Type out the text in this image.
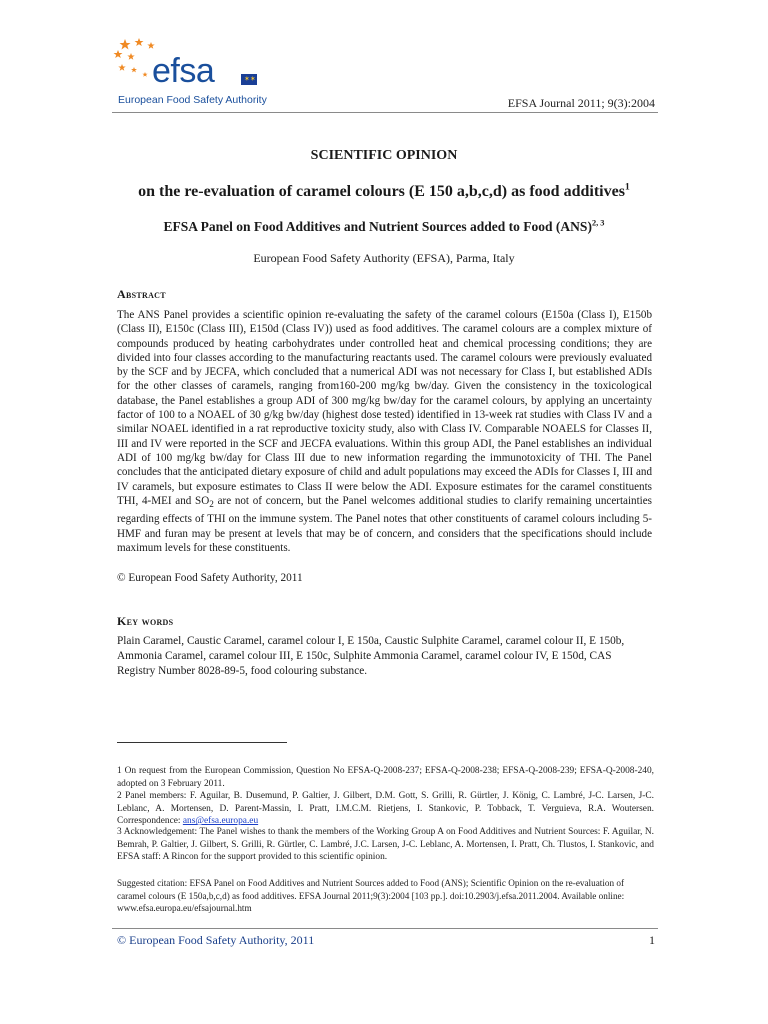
efsa	✶✶
European Food Safety Authority	EFSA Journal 2011; 9(3):2004
SCIENTIFIC OPINION
on the re-evaluation of caramel colours (E 150 a,b,c,d) as food additives$^1$
EFSA Panel on Food Additives and Nutrient Sources added to Food (ANS)$^{2, 3}$
European Food Safety Authority (EFSA), Parma, Italy
Abstract

The ANS Panel provides a scientific opinion re-evaluating the safety of the caramel colours (E150a (Class I), E150b (Class II), E150c (Class III), E150d (Class IV)) used as food additives. The caramel colours are a complex mixture of compounds produced by heating carbohydrates under controlled heat and chemical processing conditions; they are divided into four classes according to the manufacturing reactants used. The caramel colours were previously evaluated by the SCF and by JECFA, which concluded that a numerical ADI was not necessary for Class I, but established ADIs for the other classes of caramels, ranging from160-200 mg/kg bw/day. Given the consistency in the toxicological database, the Panel establishes a group ADI of 300 mg/kg bw/day for the caramel colours, by applying an uncertainty factor of 100 to a NOAEL of 30 g/kg bw/day (highest dose tested) identified in 13-week rat studies with Class IV and a similar NOAEL identified in a rat reproductive toxicity study, also with Class IV. Comparable NOAELS for Classes II, III and IV were reported in the SCF and JECFA evaluations. Within this group ADI, the Panel establishes an individual ADI of 100 mg/kg bw/day for Class III due to new information regarding the immunotoxicity of THI. The Panel concludes that the anticipated dietary exposure of child and adult populations may exceed the ADIs for Classes I, III and IV caramels, but exposure estimates to Class II were below the ADI. Exposure estimates for the caramel constituents THI, 4-MEI and $SO_2$ are not of concern, but the Panel welcomes additional studies to clarify remaining uncertainties regarding effects of THI on the immune system. The Panel notes that other constituents of caramel colours including 5-HMF and furan may be present at levels that may be of concern, and considers that the specifications should include maximum levels for these constituents.

© European Food Safety Authority, 2011
Key words

Plain Caramel, Caustic Caramel, caramel colour I, E 150a, Caustic Sulphite Caramel, caramel colour II, E 150b, Ammonia Caramel, caramel colour III, E 150c, Sulphite Ammonia Caramel, caramel colour IV, E 150d, CAS Registry Number 8028-89-5, food colouring substance.

1 On request from the European Commission, Question No EFSA-Q-2008-237; EFSA-Q-2008-238; EFSA-Q-2008-239; EFSA-Q-2008-240, adopted on 3 February 2011.

2 Panel members: F. Aguilar, B. Dusemund, P. Galtier, J. Gilbert, D.M. Gott, S. Grilli, R. Gürtler, J. König, C. Lambré, J-C. Larsen, J-C. Leblanc, A. Mortensen, D. Parent-Massin, I. Pratt, I.M.C.M. Rietjens, I. Stankovic, P. Tobback, T. Verguieva, R.A. Woutersen. Correspondence: ans@efsa.europa.eu

3 Acknowledgement: The Panel wishes to thank the members of the Working Group A on Food Additives and Nutrient Sources: F. Aguilar, N. Bemrah, P. Galtier, J. Gilbert, S. Grilli, R. Gürtler, C. Lambré, J.C. Larsen, J-C. Leblanc, A. Mortensen, I. Pratt, Ch. Tlustos, I. Stankovic, and EFSA staff: A Rincon for the support provided to this scientific opinion.

Suggested citation: EFSA Panel on Food Additives and Nutrient Sources added to Food (ANS); Scientific Opinion on the re-evaluation of caramel colours (E 150a,b,c,d) as food additives. EFSA Journal 2011;9(3):2004 [103 pp.]. doi:10.2903/j.efsa.2011.2004. Available online: www.efsa.europa.eu/efsajournal.htm

© European Food Safety Authority, 2011	1
